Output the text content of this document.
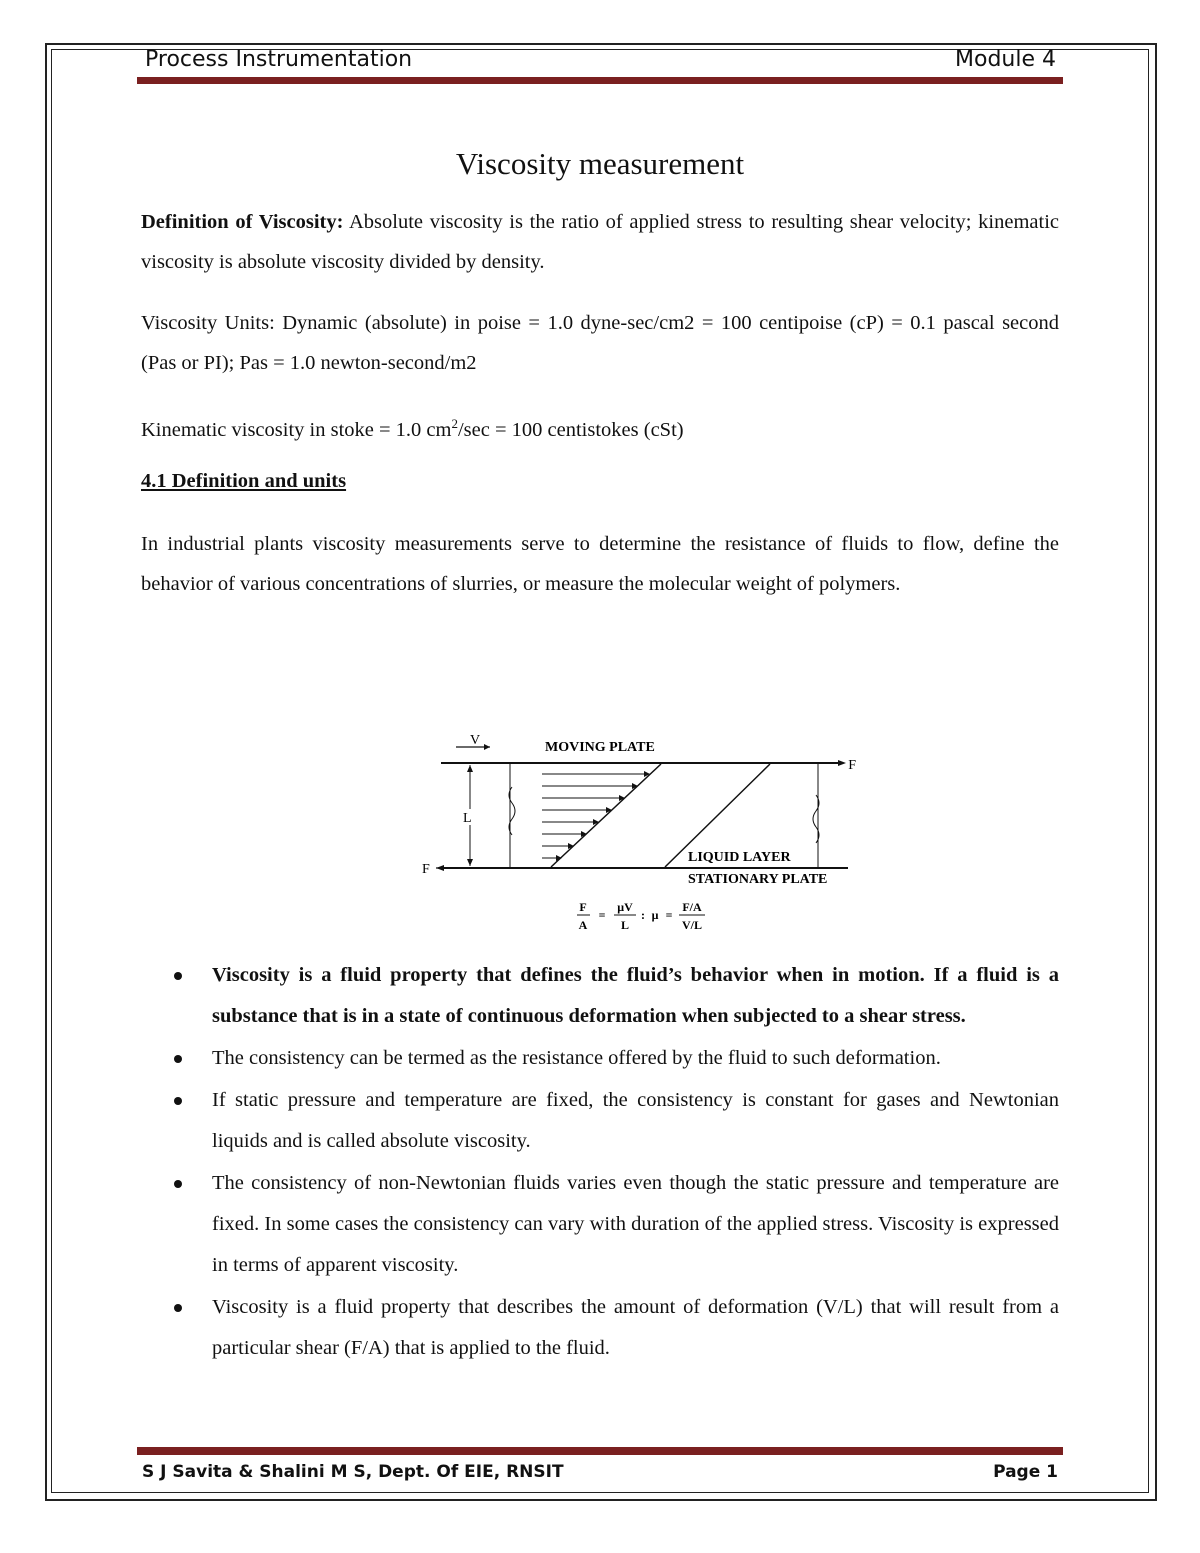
Process Instrumentation	Module 4
Viscosity measurement
Definition of Viscosity: Absolute viscosity is the ratio of applied stress to resulting shear velocity; kinematic viscosity is absolute viscosity divided by density.
Viscosity Units: Dynamic (absolute) in poise = 1.0 dyne-sec/cm2 = 100 centipoise (cP) = 0.1 pascal second (Pas or PI); Pas = 1.0 newton-second/m2
Kinematic viscosity in stoke = 1.0 $cm^2/\sec = 100$ centistokes (cSt)
4.1 Definition and units
In industrial plants viscosity measurements serve to determine the resistance of fluids to flow, define the behavior of various concentrations of slurries, or measure the molecular weight of polymers.
V	MOVING PLATE
F
F
L
LIQUID LAYER
STATIONARY PLATE
F
A
=
μV
L
: μ =
F/A
V/L
Viscosity is a fluid property that defines the fluid’s behavior when in motion. If a fluid is a substance that is in a state of continuous deformation when subjected to a shear stress.
The consistency can be termed as the resistance offered by the fluid to such deformation.
If static pressure and temperature are fixed, the consistency is constant for gases and Newtonian liquids and is called absolute viscosity.
The consistency of non-Newtonian fluids varies even though the static pressure and temperature are fixed. In some cases the consistency can vary with duration of the applied stress. Viscosity is expressed in terms of apparent viscosity.
Viscosity is a fluid property that describes the amount of deformation (V/L) that will result from a particular shear (F/A) that is applied to the fluid.
S J Savita & Shalini M S, Dept. Of EIE, RNSIT	Page 1
